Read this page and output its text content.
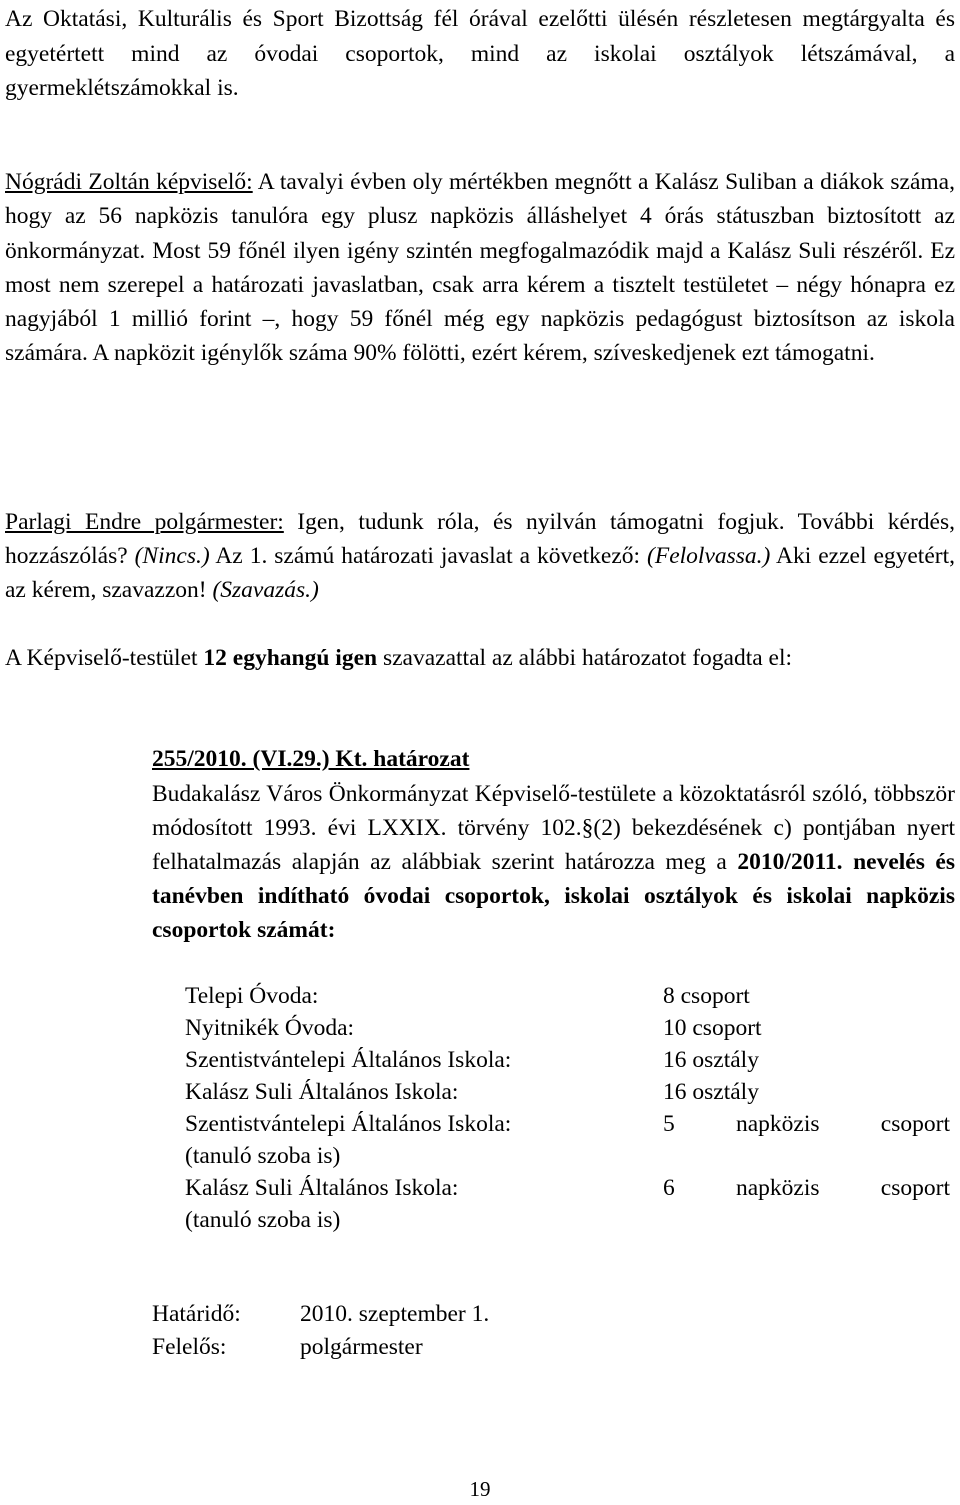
Az Oktatási, Kulturális és Sport Bizottság fél órával ezelőtti ülésén részletesen megtárgyalta és egyetértett mind az óvodai csoportok, mind az iskolai osztályok létszámával, a gyermeklétszámokkal is.

Nógrádi Zoltán képviselő: A tavalyi évben oly mértékben megnőtt a Kalász Suliban a diákok száma, hogy az 56 napközis tanulóra egy plusz napközis álláshelyet 4 órás státuszban biztosított az önkormányzat. Most 59 főnél ilyen igény szintén megfogalmazódik majd a Kalász Suli részéről. Ez most nem szerepel a határozati javaslatban, csak arra kérem a tisztelt testületet – négy hónapra ez nagyjából 1 millió forint –, hogy 59 főnél még egy napközis pedagógust biztosítson az iskola számára. A napközit igénylők száma 90% fölötti, ezért kérem, szíveskedjenek ezt támogatni.

Parlagi Endre polgármester: Igen, tudunk róla, és nyilván támogatni fogjuk. További kérdés, hozzászólás? (Nincs.) Az 1. számú határozati javaslat a következő: (Felolvassa.) Aki ezzel egyetért, az kérem, szavazzon! (Szavazás.)

A Képviselő-testület 12 egyhangú igen szavazattal az alábbi határozatot fogadta el:

255/2010. (VI.29.) Kt. határozat

Budakalász Város Önkormányzat Képviselő-testülete a közoktatásról szóló, többször módosított 1993. évi LXXIX. törvény 102.§(2) bekezdésének c) pontjában nyert felhatalmazás alapján az alábbiak szerint határozza meg a 2010/2011. nevelés és tanévben indítható óvodai csoportok, iskolai osztályok és iskolai napközis csoportok számát:

Telepi Óvoda:	8 csoport
Nyitnikék Óvoda:	10 csoport
Szentistvántelepi Általános Iskola:	16 osztály
Kalász Suli Általános Iskola:	16 osztály
Szentistvántelepi Általános Iskola:	5	napközis	csoport
(tanuló szoba is)
Kalász Suli Általános Iskola:	6	napközis	csoport
(tanuló szoba is)
Határidő:	2010. szeptember 1.
Felelős:	polgármester
19
